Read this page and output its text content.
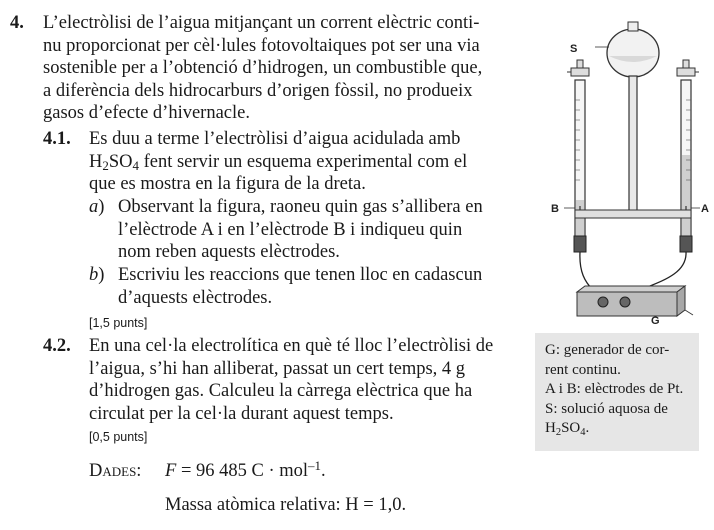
4. L’electròlisi de l’aigua mitjançant un corrent elèctric conti-
nu proporcionat per cèl·lules fotovoltaiques pot ser una via
sostenible per a l’obtenció d’hidrogen, un combustible que,
a diferència dels hidrocarburs d’origen fòssil, no produeix
gasos d’efecte d’hivernacle.
4.1. Es duu a terme l’electròlisi d’aigua acidulada amb
$H_2SO_4$ fent servir un esquema experimental com el
que es mostra en la figura de la dreta.
a) Observant la figura, raoneu quin gas s’allibera en
l’elèctrode A i en l’elèctrode B i indiqueu quin
nom reben aquests elèctrodes.
b) Escriviu les reaccions que tenen lloc en cadascun
d’aquests elèctrodes.
[1,5 punts]
4.2. En una cel·la electrolítica en què té lloc l’electròlisi de
l’aigua, s’hi han alliberat, passat un cert temps, 4 g
d’hidrogen gas. Calculeu la càrrega elèctrica que ha
circulat per la cel·la durant aquest temps.
[0,5 punts]
Dades: F = 96 485 C · mol$^{-1}$.
Massa atòmica relativa: H = 1,0.
S
B	A
G
G: generador de cor-
rent continu.
A i B: elèctrodes de Pt.
S: solució aquosa de
$H_2SO_4$.
